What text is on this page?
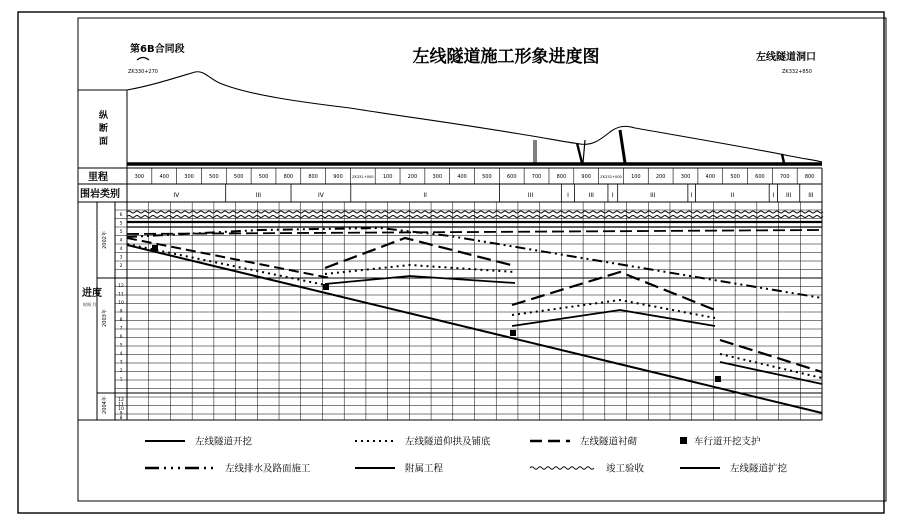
第6B合同段
ZK330+270
左线隧道施工形象进度图	左线隧道洞口
ZK332+850
纵
断
面
里程	300	400	300	500	500	500	800	800	900	ZK331+000 100	200	300	400	500	600	700	800	900	ZK332+000 100	200	300	400	500	600	700	800
围岩类别	IV	III	IV	II	III	I	III	I	III	I	II	I III	III
进度
时间 月
2002年
2003年
2004年
6
5
5
4
4
3
2
12
11
10
9
8
7
6
5
4
3
2
1
12
11
10
9
8
左线隧道开挖	左线隧道仰拱及铺底	左线隧道衬砌	车行道开挖支护
左线排水及路面施工	附属工程	竣工验收	左线隧道扩挖
